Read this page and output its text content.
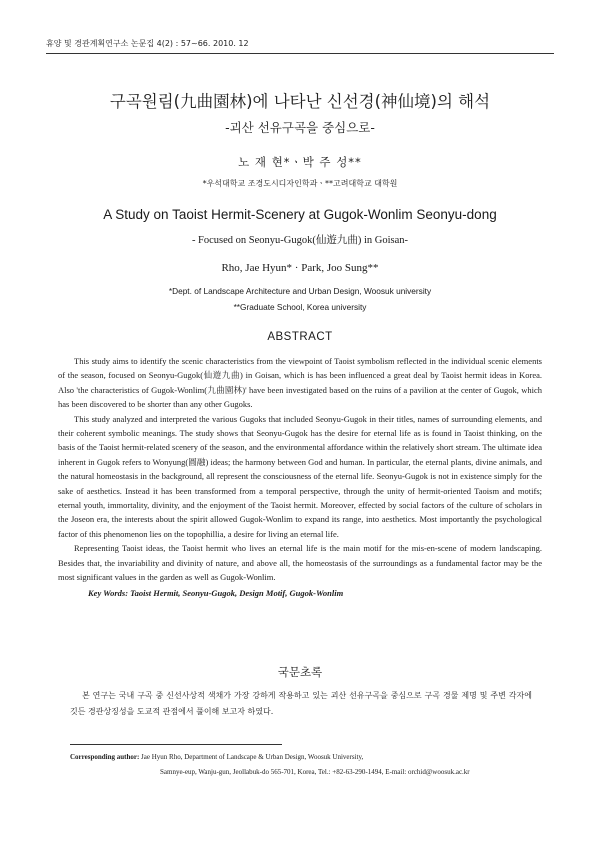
휴양 및 경관계획연구소 논문집 4(2) : 57~66. 2010. 12
구곡원림(九曲園林)에 나타난 신선경(神仙境)의 해석
-괴산 선유구곡을 중심으로-
노 재 현*ㆍ박 주 성**
*우석대학교 조경도시디자인학과ㆍ**고려대학교 대학원
A Study on Taoist Hermit-Scenery at Gugok-Wonlim Seonyu-dong
- Focused on Seonyu-Gugok(仙遊九曲) in Goisan-
Rho, Jae Hyun* · Park, Joo Sung**
*Dept. of Landscape Architecture and Urban Design, Woosuk university
**Graduate School, Korea university
ABSTRACT

This study aims to identify the scenic characteristics from the viewpoint of Taoist symbolism reflected in the individual scenic elements of the season, focused on Seonyu-Gugok(仙遊九曲) in Goisan, which is has been influenced a great deal by Taoist hermit ideas in Korea. Also 'the characteristics of Gugok-Wonlim(九曲園林)' have been investigated based on the ruins of a pavilion at the center of Gugok, which has been discovered to be shorter than any other Gugoks.

This study analyzed and interpreted the various Gugoks that included Seonyu-Gugok in their titles, names of surrounding elements, and their coherent symbolic meanings. The study shows that Seonyu-Gugok has the desire for eternal life as is found in Taoist thinking, on the basis of the Taoist hermit-related scenery of the season, and the environmental affordance within the relatively short stream. The ultimate idea inherent in Gugok refers to Wonyung(圓融) ideas; the harmony between God and human. In particular, the eternal plants, divine animals, and the natural homeostasis in the background, all represent the consciousness of the eternal life. Seonyu-Gugok is not in existence simply for the sake of aesthetics. Instead it has been transformed from a temporal perspective, through the unity of hermit-oriented Taoism and motifs; eternal youth, immortality, divinity, and the enjoyment of the Taoist hermit. Moreover, effected by social factors of the culture of scholars in the Joseon era, the interests about the spirit allowed Gugok-Wonlim to expand its range, into aesthetics. Most importantly the psychological factor of this phenomenon lies on the topophillia, a desire for living an eternal life.

Representing Taoist ideas, the Taoist hermit who lives an eternal life is the main motif for the mis-en-scene of modern landscaping. Besides that, the invariability and divinity of nature, and above all, the homeostasis of the surroundings as a fundamental factor may be the most significant values in the garden as well as Gugok-Wonlim.

Key Words: Taoist Hermit, Seonyu-Gugok, Design Motif, Gugok-Wonlim
국문초록
본 연구는 국내 구곡 중 신선사상적 색채가 가장 강하게 작용하고 있는 괴산 선유구곡을 중심으로 구곡 경물 제명 및 주변 각자에 깃든 경관상징성을 도교적 관점에서 풀이해 보고자 하였다.
Corresponding author: Jae Hyun Rho, Department of Landscape & Urban Design, Woosuk University,
Samnye-eup, Wanju-gun, Jeollabuk-do 565-701, Korea, Tel.: +82-63-290-1494, E-mail: orchid@woosuk.ac.kr
